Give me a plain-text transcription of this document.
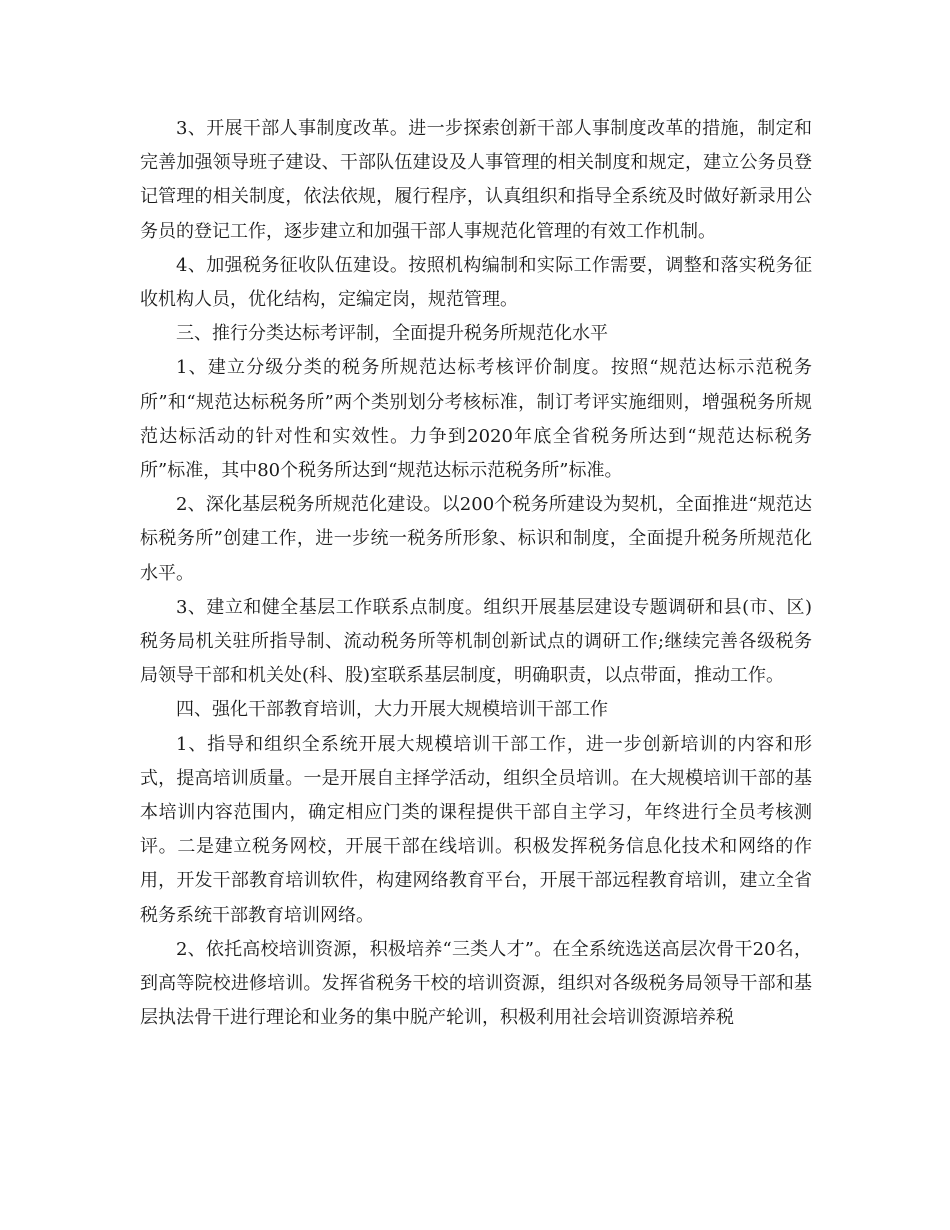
3、开展干部人事制度改革。进一步探索创新干部人事制度改革的措施，制定和完善加强领导班子建设、干部队伍建设及人事管理的相关制度和规定，建立公务员登记管理的相关制度，依法依规，履行程序，认真组织和指导全系统及时做好新录用公务员的登记工作，逐步建立和加强干部人事规范化管理的有效工作机制。

4、加强税务征收队伍建设。按照机构编制和实际工作需要，调整和落实税务征收机构人员，优化结构，定编定岗，规范管理。

三、推行分类达标考评制，全面提升税务所规范化水平

1、建立分级分类的税务所规范达标考核评价制度。按照“规范达标示范税务所”和“规范达标税务所”两个类别划分考核标准，制订考评实施细则，增强税务所规范达标活动的针对性和实效性。力争到2020年底全省税务所达到“规范达标税务所”标准，其中80个税务所达到“规范达标示范税务所”标准。

2、深化基层税务所规范化建设。以200个税务所建设为契机，全面推进“规范达标税务所”创建工作，进一步统一税务所形象、标识和制度，全面提升税务所规范化水平。

3、建立和健全基层工作联系点制度。组织开展基层建设专题调研和县(市、区)税务局机关驻所指导制、流动税务所等机制创新试点的调研工作;继续完善各级税务局领导干部和机关处(科、股)室联系基层制度，明确职责，以点带面，推动工作。

四、强化干部教育培训，大力开展大规模培训干部工作

1、指导和组织全系统开展大规模培训干部工作，进一步创新培训的内容和形式，提高培训质量。一是开展自主择学活动，组织全员培训。在大规模培训干部的基本培训内容范围内，确定相应门类的课程提供干部自主学习，年终进行全员考核测评。二是建立税务网校，开展干部在线培训。积极发挥税务信息化技术和网络的作用，开发干部教育培训软件，构建网络教育平台，开展干部远程教育培训，建立全省税务系统干部教育培训网络。

2、依托高校培训资源，积极培养“三类人才”。在全系统选送高层次骨干20名，到高等院校进修培训。发挥省税务干校的培训资源，组织对各级税务局领导干部和基层执法骨干进行理论和业务的集中脱产轮训，积极利用社会培训资源培养税
